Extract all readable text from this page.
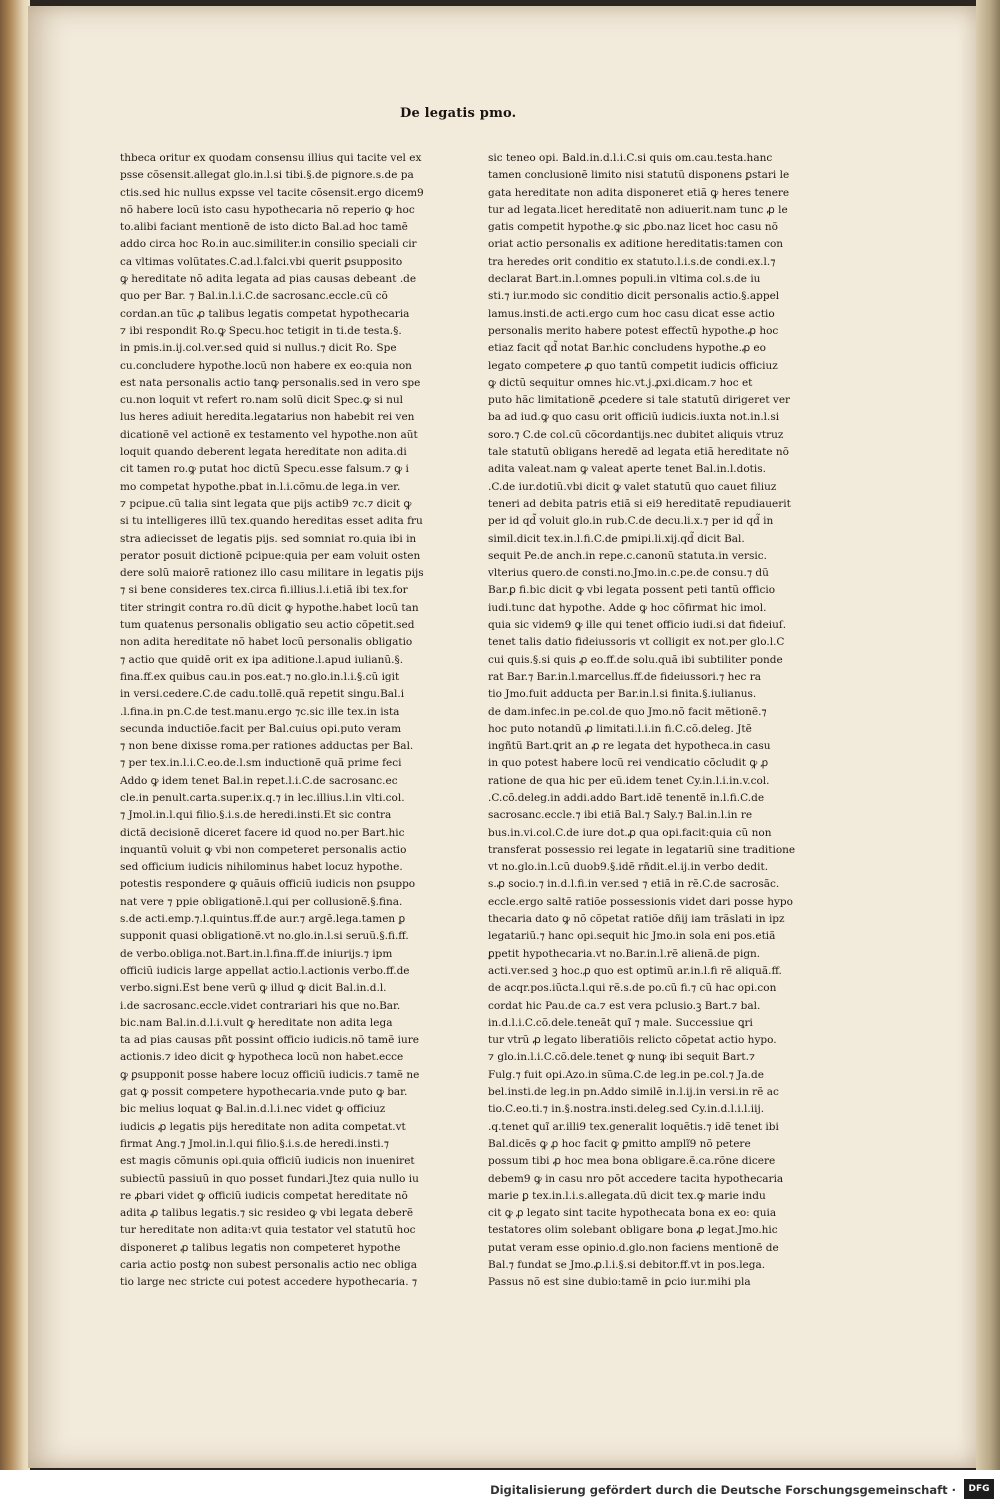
De legatis pmo.
thbeca oritur ex quodam consensu illius qui tacite vel ex
psse cõsensit.allegat glo.in.l.si tibi.§.de pignore.s.de pa
ctis.sed hic nullus expsse vel tacite cõsensit.ergo dicem9
nõ habere locũ isto casu hypothecaria nõ reperio ꝙ hoc
to.alibi faciant mentionẽ de isto dicto Bal.ad hoc tamẽ
addo circa hoc Ro.in auc.similiter.in consilio speciali cir
ca vltimas volũtates.C.ad.l.falci.vbi querit ꝑsupposito
ꝙ hereditate nõ adita legata ad pias causas debeant .de
quo per Bar. ⁊ Bal.in.l.i.C.de sacrosanc.eccle.cũ cõ
cordan.an tũc ꝓ talibus legatis competat hypothecaria
⁊ ibi respondit Ro.ꝙ Specu.hoc tetigit in ti.de testa.§.
in pmis.in.ij.col.ver.sed quid si nullus.⁊ dicit Ro. Spe
cu.concludere hypothe.locũ non habere ex eo:quia non
est nata personalis actio tanꝙ personalis.sed in vero spe
cu.non loquit vt refert ro.nam solũ dicit Spec.ꝙ si nul
lus heres adiuit heredita.legatarius non habebit rei ven
dicationẽ vel actionẽ ex testamento vel hypothe.non aũt
loquit quando deberent legata hereditate non adita.di
cit tamen ro.ꝙ putat hoc dictũ Specu.esse falsum.⁊ ꝙ i
mo competat hypothe.pbat in.l.i.cõmu.de lega.in ver.
⁊ pcipue.cũ talia sint legata que pijs actib9 ⁊c.⁊ dicit ꝙ
si tu intelligeres illũ tex.quando hereditas esset adita fru
stra adiecisset de legatis pijs. sed somniat ro.quia ibi in
perator posuit dictionẽ pcipue:quia per eam voluit osten
dere solũ maiorẽ rationez illo casu militare in legatis pijs
⁊ si bene consideres tex.circa fi.illius.l.i.etiã ibi tex.for
titer stringit contra ro.dũ dicit ꝙ hypothe.habet locũ tan
tum quatenus personalis obligatio seu actio cõpetit.sed
non adita hereditate nõ habet locũ personalis obligatio
⁊ actio que quidẽ orit ex ipa aditione.l.apud iulianũ.§.
fina.ff.ex quibus cau.in pos.eat.⁊ no.glo.in.l.i.§.cũ igit
in versi.cedere.C.de cadu.tollẽ.quã repetit singu.Bal.i
.l.fina.in pn.C.de test.manu.ergo ⁊c.sic ille tex.in ista
secunda inductiõe.facit per Bal.cuius opi.puto veram
⁊ non bene dixisse roma.per rationes adductas per Bal.
⁊ per tex.in.l.i.C.eo.de.l.sm inductionẽ quã prime feci
Addo ꝙ idem tenet Bal.in repet.l.i.C.de sacrosanc.ec
cle.in penult.carta.super.ix.q.⁊ in lec.illius.l.in vlti.col.
⁊ Jmol.in.l.qui filio.§.i.s.de heredi.insti.Et sic contra
dictã decisionẽ diceret facere id quod no.per Bart.hic
inquantũ voluit ꝙ vbi non competeret personalis actio
sed officium iudicis nihilominus habet locuz hypothe.
potestis respondere ꝙ quãuis officiũ iudicis non ꝑsuppo
nat vere ⁊ ppie obligationẽ.l.qui per collusionẽ.§.fina.
s.de acti.emp.⁊.l.quintus.ff.de aur.⁊ argẽ.lega.tamen ꝑ
supponit quasi obligationẽ.vt no.glo.in.l.si seruũ.§.fi.ff.
de verbo.obliga.not.Bart.in.l.fina.ff.de iniurijs.⁊ ipm
officiũ iudicis large appellat actio.l.actionis verbo.ff.de
verbo.signi.Est bene verũ ꝙ illud ꝙ dicit Bal.in.d.l.
i.de sacrosanc.eccle.videt contrariari his que no.Bar.
bic.nam Bal.in.d.l.i.vult ꝙ hereditate non adita lega
ta ad pias causas pñt possint officio iudicis.nõ tamẽ iure
actionis.⁊ ideo dicit ꝙ hypotheca locũ non habet.ecce
ꝙ ꝑsupponit posse habere locuz officiũ iudicis.⁊ tamẽ ne
gat ꝙ possit competere hypothecaria.vnde puto ꝙ bar.
bic melius loquat ꝙ Bal.in.d.l.i.nec videt ꝙ officiuz
iudicis ꝓ legatis pijs hereditate non adita competat.vt
firmat Ang.⁊ Jmol.in.l.qui filio.§.i.s.de heredi.insti.⁊
est magis cõmunis opi.quia officiũ iudicis non inueniret
subiectũ passiuũ in quo posset fundari.Jtez quia nullo iu
re ꝓbari videt ꝙ officiũ iudicis competat hereditate nõ
adita ꝓ talibus legatis.⁊ sic resideo ꝙ vbi legata deberẽ
tur hereditate non adita:vt quia testator vel statutũ hoc
disponeret ꝓ talibus legatis non competeret hypothe
caria actio postꝙ non subest personalis actio nec obliga
tio large nec stricte cui potest accedere hypothecaria. ⁊
sic teneo opi. Bald.in.d.l.i.C.si quis om.cau.testa.hanc
tamen conclusionẽ limito nisi statutũ disponens ꝑstari le
gata hereditate non adita disponeret etiã ꝙ heres tenere
tur ad legata.licet hereditatẽ non adiuerit.nam tunc ꝓ le
gatis competit hypothe.ꝙ sic ꝓbo.naz licet hoc casu nõ
oriat actio personalis ex aditione hereditatis:tamen con
tra heredes orit conditio ex statuto.l.i.s.de condi.ex.l.⁊
declarat Bart.in.l.omnes populi.in vltima col.s.de iu
sti.⁊ iur.modo sic conditio dicit personalis actio.§.appel
lamus.insti.de acti.ergo cum hoc casu dicat esse actio
personalis merito habere potest effectũ hypothe.ꝓ hoc
etiaz facit qd̃ notat Bar.hic concludens hypothe.ꝓ eo
legato competere ꝓ quo tantũ competit iudicis officiuz
ꝙ dictũ sequitur omnes hic.vt.j.ꝓxi.dicam.⁊ hoc et
puto hãc limitationẽ ꝓcedere si tale statutũ dirigeret ver
ba ad iud.ꝙ quo casu orit officiũ iudicis.iuxta not.in.l.si
soro.⁊ C.de col.cũ cõcordantijs.nec dubitet aliquis vtruz
tale statutũ obligans heredẽ ad legata etiã hereditate nõ
adita valeat.nam ꝙ valeat aperte tenet Bal.in.l.dotis.
.C.de iur.dotiũ.vbi dicit ꝙ valet statutũ quo cauet filiuz
teneri ad debita patris etiã si ei9 hereditatẽ repudiauerit
per id qd̃ voluit glo.in rub.C.de decu.li.x.⁊ per id qd̃ in
simil.dicit tex.in.l.fi.C.de ꝑmipi.li.xij.qd̃ dicit Bal.
sequit Pe.de anch.in repe.c.canonũ statuta.in versic.
vlterius quero.de consti.no.Jmo.in.c.pe.de consu.⁊ dũ
Bar.ꝑ fi.bic dicit ꝙ vbi legata possent peti tantũ officio
iudi.tunc dat hypothe. Adde ꝙ hoc cõfirmat hic imol.
quia sic videm9 ꝙ ille qui tenet officio iudi.si dat fideiuſ.
tenet talis datio fideiussoris vt colligit ex not.per glo.l.C
cui quis.§.si quis ꝓ eo.ff.de solu.quã ibi subtiliter ponde
rat Bar.⁊ Bar.in.l.marcellus.ff.de fideiussori.⁊ hec ra
tio Jmo.fuit adducta per Bar.in.l.si finita.§.iulianus.
de dam.infec.in pe.col.de quo Jmo.nõ facit mẽtionẽ.⁊
hoc puto notandũ ꝓ limitati.l.i.in fi.C.cõ.deleg. Jtẽ
ingñtũ Bart.ꝗrit an ꝓ re legata det hypotheca.in casu
in quo potest habere locũ rei vendicatio cõcludit ꝙ ꝓ
ratione de qua hic per eũ.idem tenet Cy.in.l.i.in.v.col.
.C.cõ.deleg.in addi.addo Bart.idẽ tenentẽ in.l.fi.C.de
sacrosanc.eccle.⁊ ibi etiã Bal.⁊ Saly.⁊ Bal.in.l.in re
bus.in.vi.col.C.de iure dot.ꝓ qua opi.facit:quia cũ non
transferat possessio rei legate in legatariũ sine traditione
vt no.glo.in.l.cũ duob9.§.idẽ rñdit.el.ij.in verbo dedit.
s.ꝓ socio.⁊ in.d.l.fi.in ver.sed ⁊ etiã in rẽ.C.de sacrosãc.
eccle.ergo saltẽ ratiõe possessionis videt dari posse hypo
thecaria dato ꝙ nõ cõpetat ratiõe dñij iam trãslati in ipz
legatariũ.⁊ hanc opi.sequit hic Jmo.in sola eni pos.etiã
ꝑpetit hypothecaria.vt no.Bar.in.l.rẽ alienã.de pign.
acti.ver.sed ꝫ hoc.ꝓ quo est optimũ ar.in.l.fi rẽ aliquã.ff.
de acqr.pos.iũcta.l.qui rẽ.s.de po.cũ fi.⁊ cũ hac opi.con
cordat hic Pau.de ca.⁊ est vera pclusio.ꝫ Bart.⁊ bal.
in.d.l.i.C.cõ.dele.teneãt ꝗuĩ ⁊ male. Successiue ꝗri
tur vtrũ ꝓ legato liberatiõis relicto cõpetat actio hypo.
⁊ glo.in.l.i.C.cõ.dele.tenet ꝙ nunꝙ ibi sequit Bart.⁊
Fulg.⁊ fuit opi.Azo.in sũma.C.de leg.in pe.col.⁊ Ja.de
bel.insti.de leg.in pn.Addo similẽ in.l.ij.in versi.in rẽ ac
tio.C.eo.ti.⁊ in.§.nostra.insti.deleg.sed Cy.in.d.l.i.l.iij.
.q.tenet ꝗuĩ ar.illi9 tex.generalit loquẽtis.⁊ idẽ tenet ibi
Bal.dicẽs ꝙ ꝓ hoc facit ꝙ ꝑmitto amplĩ9 nõ petere
possum tibi ꝓ hoc mea bona obligare.ẽ.ca.rõne dicere
debem9 ꝙ in casu nro põt accedere tacita hypothecaria
marie ꝑ tex.in.l.i.s.allegata.dũ dicit tex.ꝙ marie indu
cit ꝙ ꝓ legato sint tacite hypothecata bona ex eo: quia
testatores olim solebant obligare bona ꝓ legat.Jmo.hic
putat veram esse opinio.d.glo.non faciens mentionẽ de
Bal.⁊ fundat se Jmo.ꝓ.l.i.§.si debitor.ff.vt in pos.lega.
Passus nõ est sine dubio:tamẽ in ꝑcio iur.mihi pla
Digitalisierung gefördert durch die Deutsche Forschungsgemeinschaft ·	DFG
